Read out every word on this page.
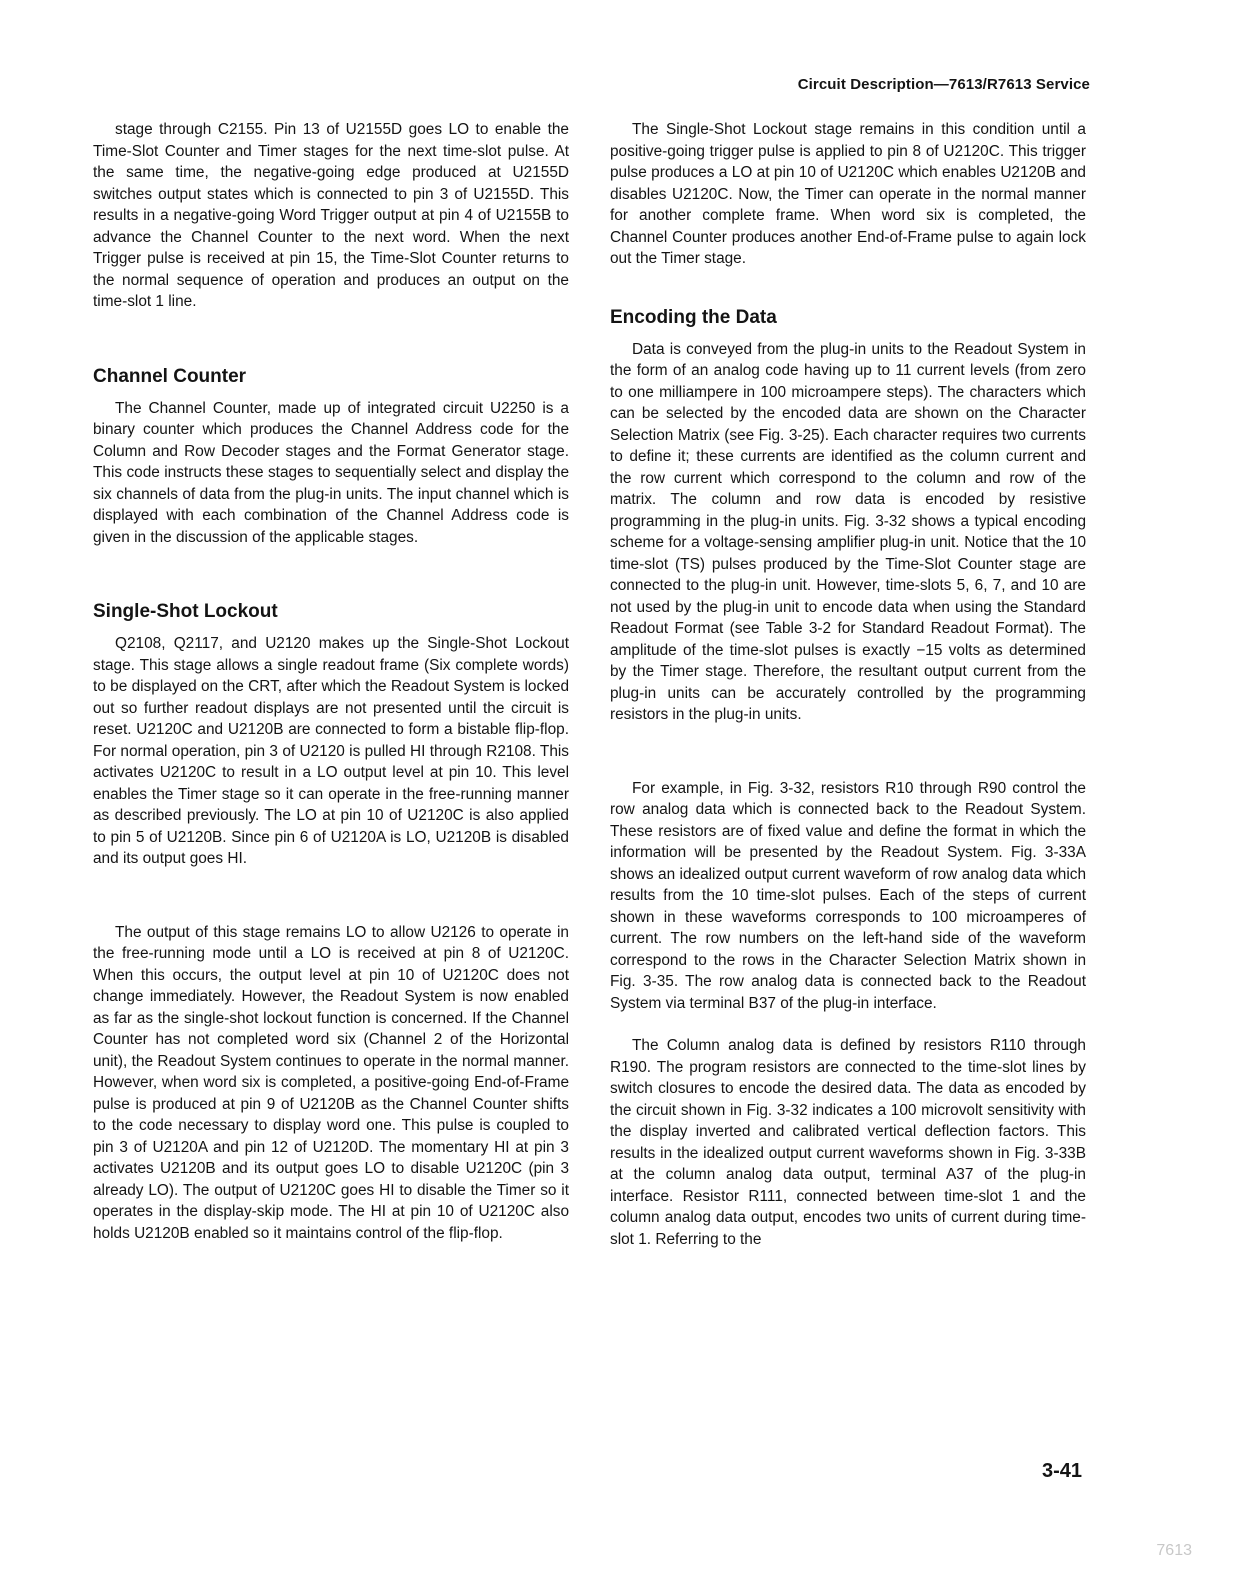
Circuit Description—7613/R7613 Service

stage through C2155. Pin 13 of U2155D goes LO to enable the Time-Slot Counter and Timer stages for the next time-slot pulse. At the same time, the negative-going edge produced at U2155D switches output states which is connected to pin 3 of U2155D. This results in a negative-going Word Trigger output at pin 4 of U2155B to advance the Channel Counter to the next word. When the next Trigger pulse is received at pin 15, the Time-Slot Counter returns to the normal sequence of operation and produces an output on the time-slot 1 line.

Channel Counter

The Channel Counter, made up of integrated circuit U2250 is a binary counter which produces the Channel Address code for the Column and Row Decoder stages and the Format Generator stage. This code instructs these stages to sequentially select and display the six channels of data from the plug-in units. The input channel which is displayed with each combination of the Channel Address code is given in the discussion of the applicable stages.

Single-Shot Lockout

Q2108, Q2117, and U2120 makes up the Single-Shot Lockout stage. This stage allows a single readout frame (Six complete words) to be displayed on the CRT, after which the Readout System is locked out so further readout displays are not presented until the circuit is reset. U2120C and U2120B are connected to form a bistable flip-flop. For normal operation, pin 3 of U2120 is pulled HI through R2108. This activates U2120C to result in a LO output level at pin 10. This level enables the Timer stage so it can operate in the free-running manner as described previously. The LO at pin 10 of U2120C is also applied to pin 5 of U2120B. Since pin 6 of U2120A is LO, U2120B is disabled and its output goes HI.

The output of this stage remains LO to allow U2126 to operate in the free-running mode until a LO is received at pin 8 of U2120C. When this occurs, the output level at pin 10 of U2120C does not change immediately. However, the Readout System is now enabled as far as the single-shot lockout function is concerned. If the Channel Counter has not completed word six (Channel 2 of the Horizontal unit), the Readout System continues to operate in the normal manner. However, when word six is completed, a positive-going End-of-Frame pulse is produced at pin 9 of U2120B as the Channel Counter shifts to the code necessary to display word one. This pulse is coupled to pin 3 of U2120A and pin 12 of U2120D. The momentary HI at pin 3 activates U2120B and its output goes LO to disable U2120C (pin 3 already LO). The output of U2120C goes HI to disable the Timer so it operates in the display-skip mode. The HI at pin 10 of U2120C also holds U2120B enabled so it maintains control of the flip-flop.

The Single-Shot Lockout stage remains in this condition until a positive-going trigger pulse is applied to pin 8 of U2120C. This trigger pulse produces a LO at pin 10 of U2120C which enables U2120B and disables U2120C. Now, the Timer can operate in the normal manner for another complete frame. When word six is completed, the Channel Counter produces another End-of-Frame pulse to again lock out the Timer stage.

Encoding the Data

Data is conveyed from the plug-in units to the Readout System in the form of an analog code having up to 11 current levels (from zero to one milliampere in 100 microampere steps). The characters which can be selected by the encoded data are shown on the Character Selection Matrix (see Fig. 3-25). Each character requires two currents to define it; these currents are identified as the column current and the row current which correspond to the column and row of the matrix. The column and row data is encoded by resistive programming in the plug-in units. Fig. 3-32 shows a typical encoding scheme for a voltage-sensing amplifier plug-in unit. Notice that the 10 time-slot (TS) pulses produced by the Time-Slot Counter stage are connected to the plug-in unit. However, time-slots 5, 6, 7, and 10 are not used by the plug-in unit to encode data when using the Standard Readout Format (see Table 3-2 for Standard Readout Format). The amplitude of the time-slot pulses is exactly −15 volts as determined by the Timer stage. Therefore, the resultant output current from the plug-in units can be accurately controlled by the programming resistors in the plug-in units.

For example, in Fig. 3-32, resistors R10 through R90 control the row analog data which is connected back to the Readout System. These resistors are of fixed value and define the format in which the information will be presented by the Readout System. Fig. 3-33A shows an idealized output current waveform of row analog data which results from the 10 time-slot pulses. Each of the steps of current shown in these waveforms corresponds to 100 microamperes of current. The row numbers on the left-hand side of the waveform correspond to the rows in the Character Selection Matrix shown in Fig. 3-35. The row analog data is connected back to the Readout System via terminal B37 of the plug-in interface.

The Column analog data is defined by resistors R110 through R190. The program resistors are connected to the time-slot lines by switch closures to encode the desired data. The data as encoded by the circuit shown in Fig. 3-32 indicates a 100 microvolt sensitivity with the display inverted and calibrated vertical deflection factors. This results in the idealized output current waveforms shown in Fig. 3-33B at the column analog data output, terminal A37 of the plug-in interface. Resistor R111, connected between time-slot 1 and the column analog data output, encodes two units of current during time-slot 1. Referring to the

3-41
7613
